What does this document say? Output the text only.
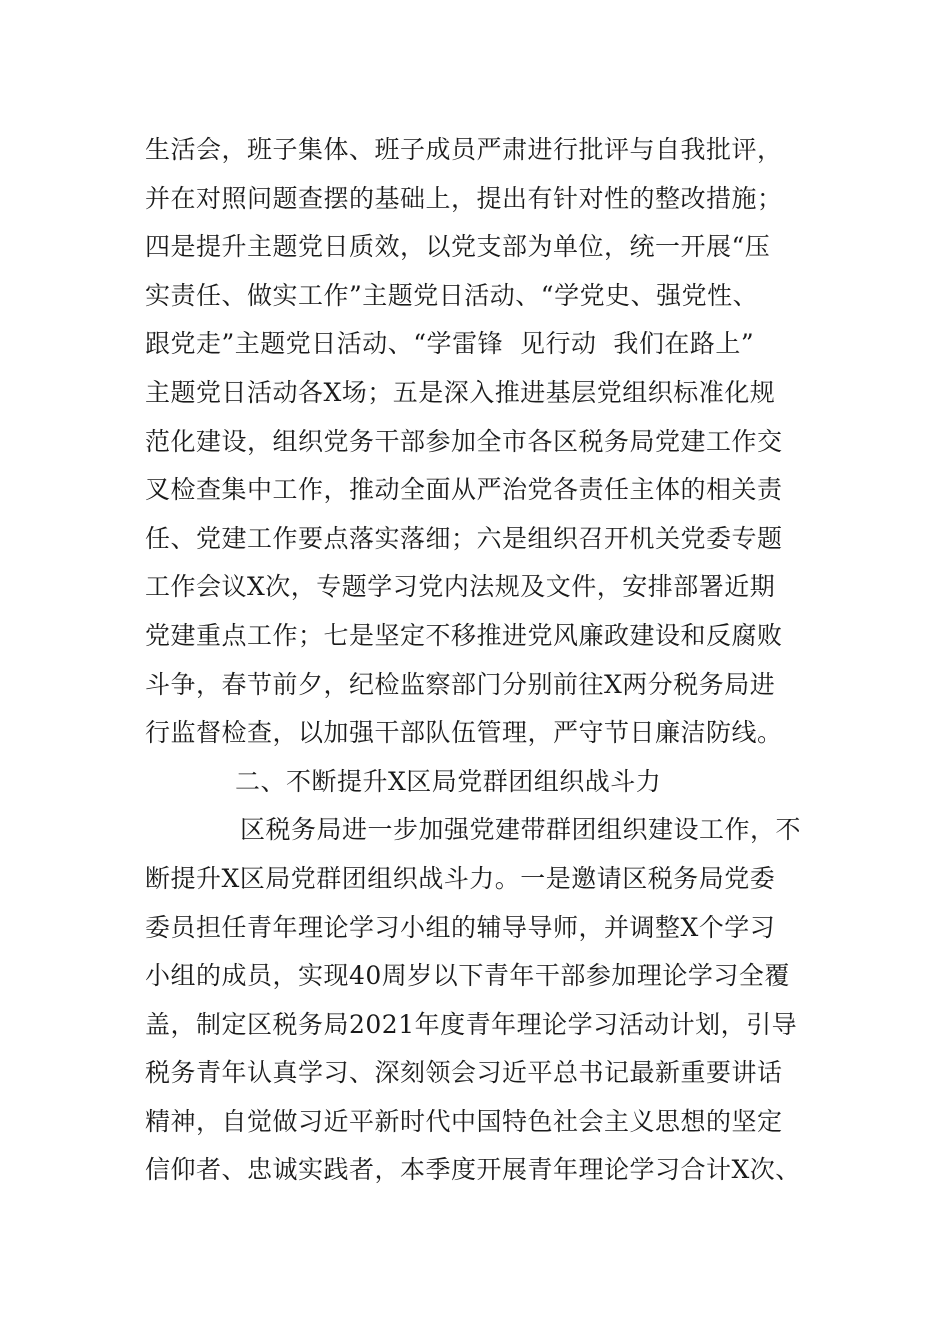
生活会，班子集体、班子成员严肃进行批评与自我批评，
并在对照问题查摆的基础上，提出有针对性的整改措施；
四是提升主题党日质效，以党支部为单位，统一开展“压
实责任、做实工作”主题党日活动、“学党史、强党性、
跟党走”主题党日活动、“学雷锋  见行动  我们在路上”
主题党日活动各X场；五是深入推进基层党组织标准化规
范化建设，组织党务干部参加全市各区税务局党建工作交
叉检查集中工作，推动全面从严治党各责任主体的相关责
任、党建工作要点落实落细；六是组织召开机关党委专题
工作会议X次，专题学习党内法规及文件，安排部署近期
党建重点工作；七是坚定不移推进党风廉政建设和反腐败
斗争，春节前夕，纪检监察部门分别前往X两分税务局进
行监督检查，以加强干部队伍管理，严守节日廉洁防线。
二、不断提升X区局党群团组织战斗力
区税务局进一步加强党建带群团组织建设工作，不
断提升X区局党群团组织战斗力。一是邀请区税务局党委
委员担任青年理论学习小组的辅导导师，并调整X个学习
小组的成员，实现40周岁以下青年干部参加理论学习全覆
盖，制定区税务局2021年度青年理论学习活动计划，引导
税务青年认真学习、深刻领会习近平总书记最新重要讲话
精神，自觉做习近平新时代中国特色社会主义思想的坚定
信仰者、忠诚实践者，本季度开展青年理论学习合计X次、
